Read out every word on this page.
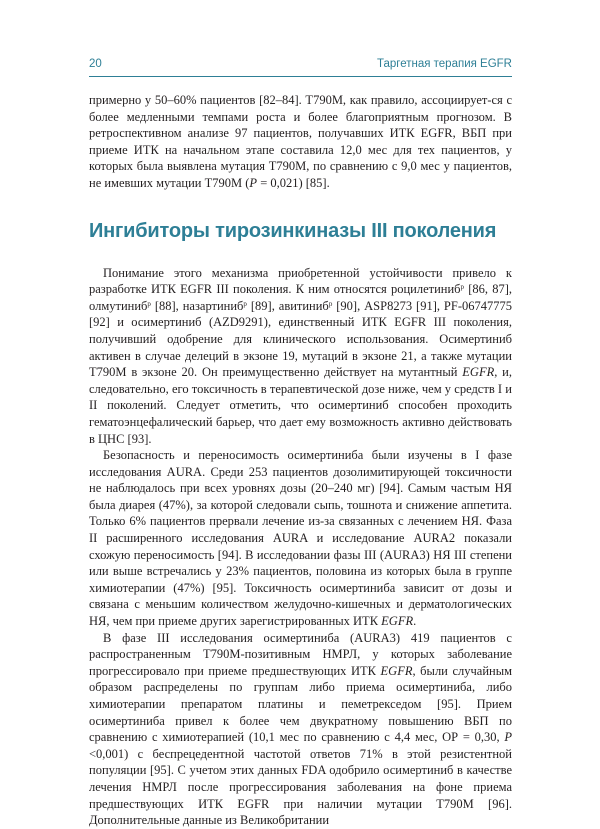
20	Таргетная терапия EGFR

примерно у 50–60% пациентов [82–84]. T790M, как правило, ассоциирует-ся с более медленными темпами роста и более благоприятным прогнозом. В ретроспективном анализе 97 пациентов, получавших ИТК EGFR, ВБП при приеме ИТК на начальном этапе составила 12,0 мес для тех пациентов, у которых была выявлена мутация T790M, по сравнению с 9,0 мес у пациентов, не имевших мутации T790M (P = 0,021) [85].

Ингибиторы тирозинкиназы III поколения

Понимание этого механизма приобретенной устойчивости привело к разработке ИТК EGFR III поколения. К ним относятся роцилетиниб$^р$ [86, 87], олмутиниб$^р$ [88], назартиниб$^р$ [89], авитиниб$^р$ [90], ASP8273 [91], PF-06747775 [92] и осимертиниб (AZD9291), единственный ИТК EGFR III поколения, получивший одобрение для клинического использования. Осимертиниб активен в случае делеций в экзоне 19, мутаций в экзоне 21, а также мутации T790M в экзоне 20. Он преимущественно действует на мутантный EGFR, и, следовательно, его токсичность в терапевтической дозе ниже, чем у средств I и II поколений. Следует отметить, что осимертиниб способен проходить гематоэнцефалический барьер, что дает ему возможность активно действовать в ЦНС [93].

Безопасность и переносимость осимертиниба были изучены в I фазе исследования AURA. Среди 253 пациентов дозолимитирующей токсичности не наблюдалось при всех уровнях дозы (20–240 мг) [94]. Самым частым НЯ была диарея (47%), за которой следовали сыпь, тошнота и снижение аппетита. Только 6% пациентов прервали лечение из-за связанных с лечением НЯ. Фаза II расширенного исследования AURA и исследование AURA2 показали схожую переносимость [94]. В исследовании фазы III (AURA3) НЯ III степени или выше встречались у 23% пациентов, половина из которых была в группе химиотерапии (47%) [95]. Токсичность осимертиниба зависит от дозы и связана с меньшим количеством желудочно-кишечных и дерматологических НЯ, чем при приеме других зарегистрированных ИТК EGFR.

В фазе III исследования осимертиниба (AURA3) 419 пациентов с распространенным T790M-позитивным НМРЛ, у которых заболевание прогрессировало при приеме предшествующих ИТК EGFR, были случайным образом распределены по группам либо приема осимертиниба, либо химиотерапии препаратом платины и пеметрекседом [95]. Прием осимертиниба привел к более чем двукратному повышению ВБП по сравнению с химиотерапией (10,1 мес по сравнению с 4,4 мес, ОР = 0,30, P <0,001) с беспрецедентной частотой ответов 71% в этой резистентной популяции [95]. С учетом этих данных FDA одобрило осимертиниб в качестве лечения НМРЛ после прогрессирования заболевания на фоне приема предшествующих ИТК EGFR при наличии мутации T790M [96]. Дополнительные данные из Великобритании
